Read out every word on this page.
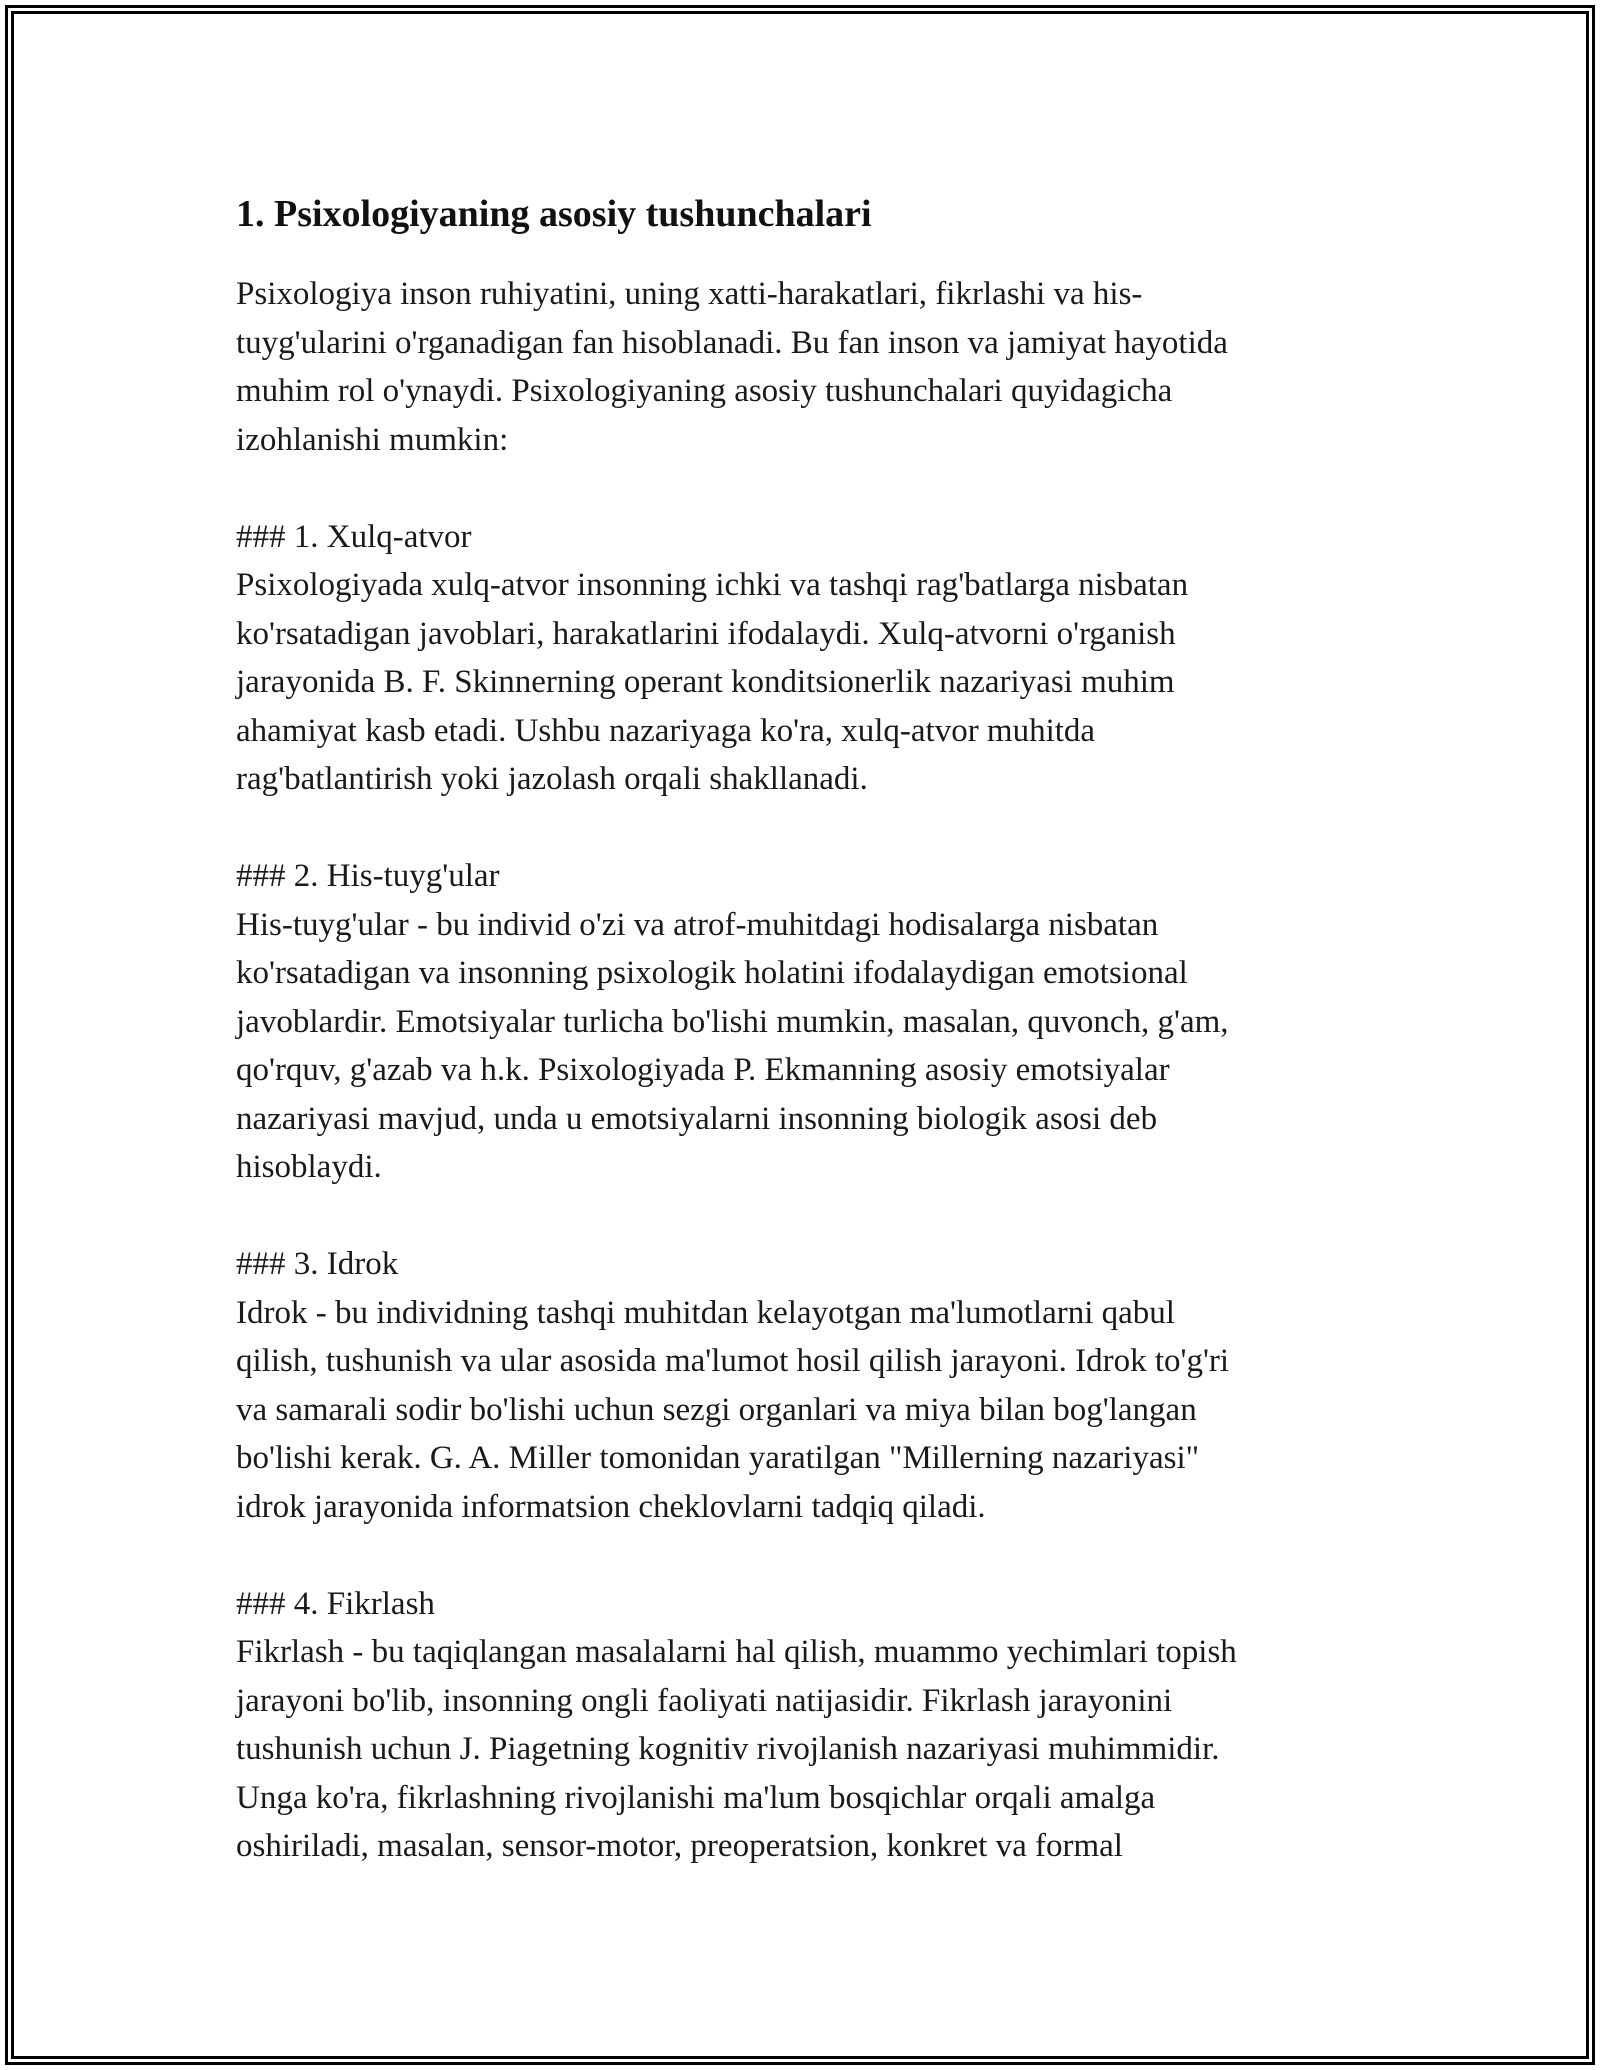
1. Psixologiyaning asosiy tushunchalari

Psixologiya inson ruhiyatini, uning xatti-harakatlari, fikrlashi va his-

tuyg'ularini o'rganadigan fan hisoblanadi. Bu fan inson va jamiyat hayotida

muhim rol o'ynaydi. Psixologiyaning asosiy tushunchalari quyidagicha

izohlanishi mumkin:

### 1. Xulq-atvor

Psixologiyada xulq-atvor insonning ichki va tashqi rag'batlarga nisbatan

ko'rsatadigan javoblari, harakatlarini ifodalaydi. Xulq-atvorni o'rganish

jarayonida B. F. Skinnerning operant konditsionerlik nazariyasi muhim

ahamiyat kasb etadi. Ushbu nazariyaga ko'ra, xulq-atvor muhitda

rag'batlantirish yoki jazolash orqali shakllanadi.

### 2. His-tuyg'ular

His-tuyg'ular - bu individ o'zi va atrof-muhitdagi hodisalarga nisbatan

ko'rsatadigan va insonning psixologik holatini ifodalaydigan emotsional

javoblardir. Emotsiyalar turlicha bo'lishi mumkin, masalan, quvonch, g'am,

qo'rquv, g'azab va h.k. Psixologiyada P. Ekmanning asosiy emotsiyalar

nazariyasi mavjud, unda u emotsiyalarni insonning biologik asosi deb

hisoblaydi.

### 3. Idrok

Idrok - bu individning tashqi muhitdan kelayotgan ma'lumotlarni qabul

qilish, tushunish va ular asosida ma'lumot hosil qilish jarayoni. Idrok to'g'ri

va samarali sodir bo'lishi uchun sezgi organlari va miya bilan bog'langan

bo'lishi kerak. G. A. Miller tomonidan yaratilgan "Millerning nazariyasi"

idrok jarayonida informatsion cheklovlarni tadqiq qiladi.

### 4. Fikrlash

Fikrlash - bu taqiqlangan masalalarni hal qilish, muammo yechimlari topish

jarayoni bo'lib, insonning ongli faoliyati natijasidir. Fikrlash jarayonini

tushunish uchun J. Piagetning kognitiv rivojlanish nazariyasi muhimmidir.

Unga ko'ra, fikrlashning rivojlanishi ma'lum bosqichlar orqali amalga

oshiriladi, masalan, sensor-motor, preoperatsion, konkret va formal
